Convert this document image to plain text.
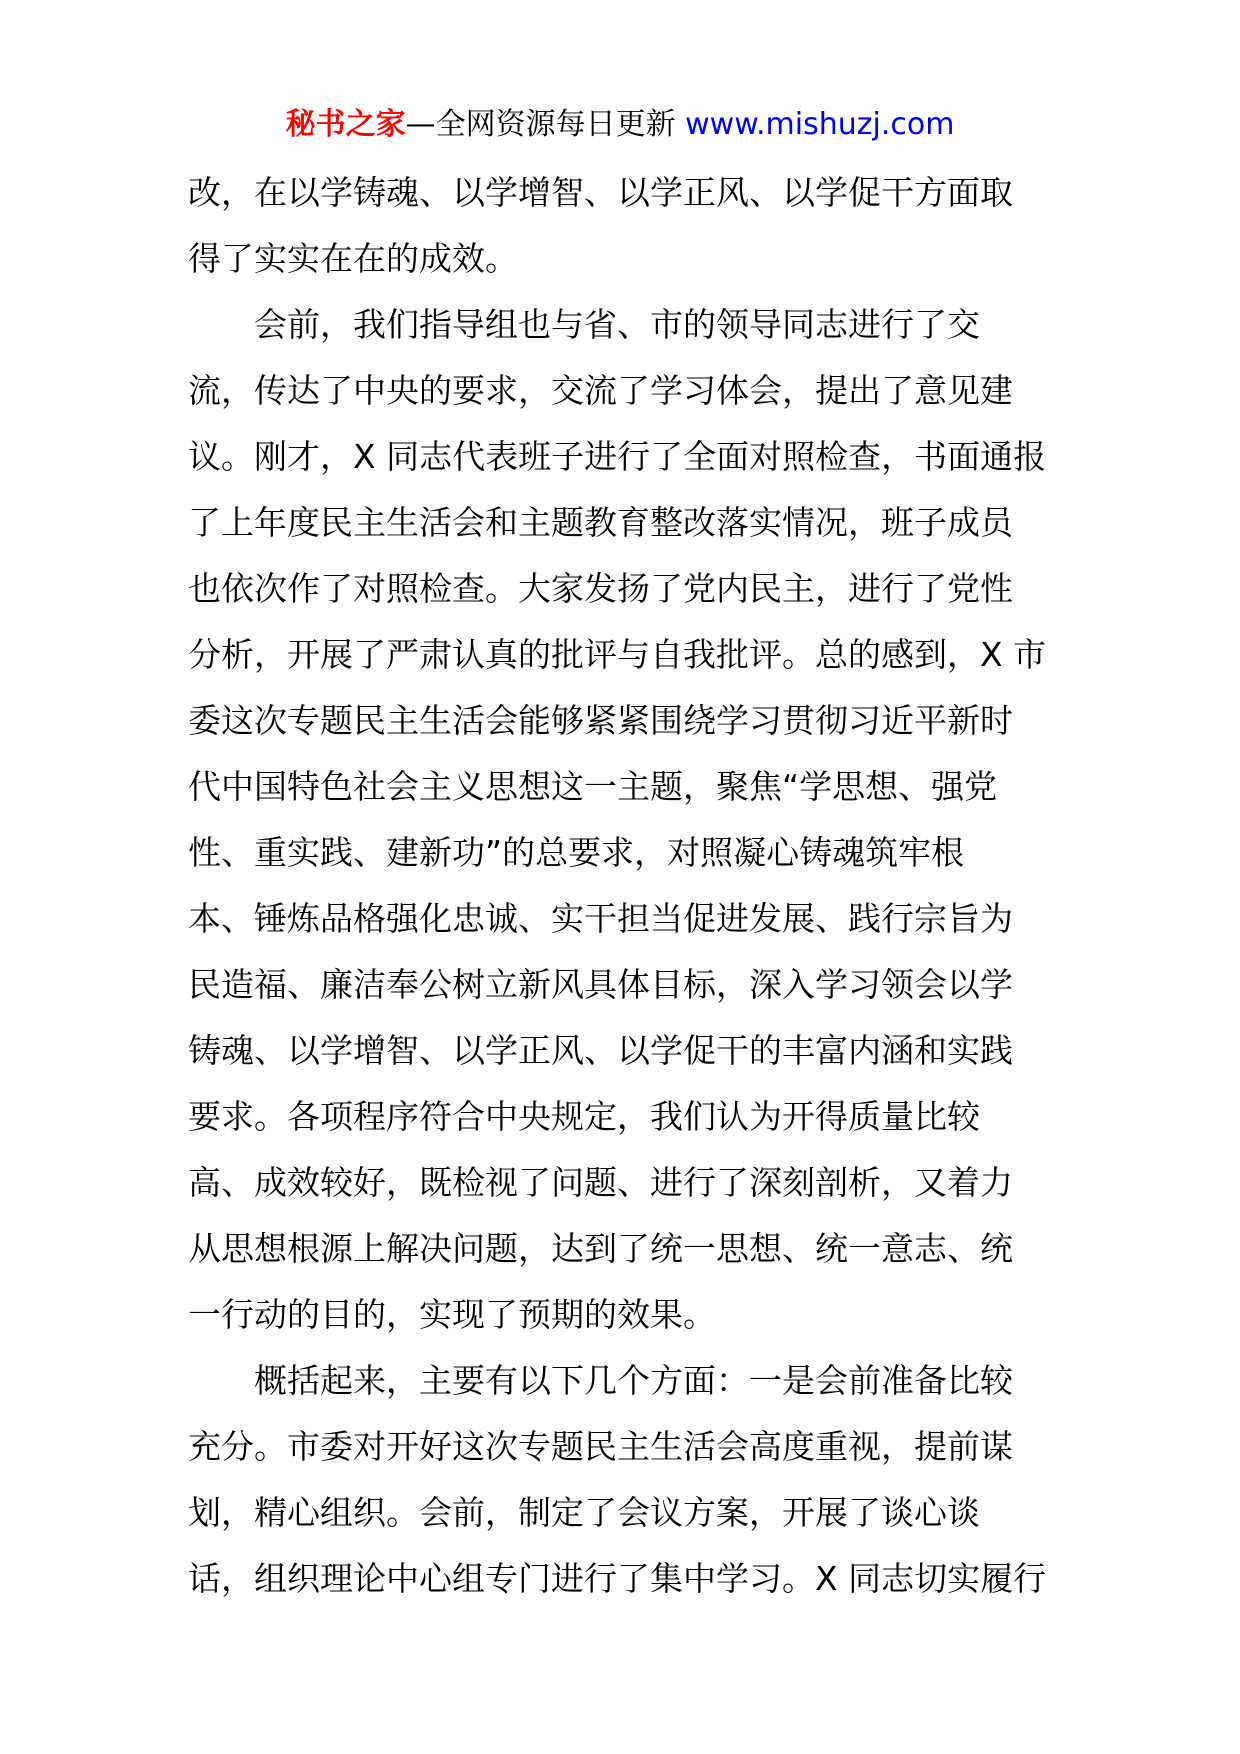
秘书之家—全网资源每日更新 www.mishuzj.com
改，在以学铸魂、以学增智、以学正风、以学促干方面取
得了实实在在的成效。
会前，我们指导组也与省、市的领导同志进行了交
流，传达了中央的要求，交流了学习体会，提出了意见建
议。刚才，X 同志代表班子进行了全面对照检查，书面通报
了上年度民主生活会和主题教育整改落实情况，班子成员
也依次作了对照检查。大家发扬了党内民主，进行了党性
分析，开展了严肃认真的批评与自我批评。总的感到，X 市
委这次专题民主生活会能够紧紧围绕学习贯彻习近平新时
代中国特色社会主义思想这一主题，聚焦“学思想、强党
性、重实践、建新功”的总要求，对照凝心铸魂筑牢根
本、锤炼品格强化忠诚、实干担当促进发展、践行宗旨为
民造福、廉洁奉公树立新风具体目标，深入学习领会以学
铸魂、以学增智、以学正风、以学促干的丰富内涵和实践
要求。各项程序符合中央规定，我们认为开得质量比较
高、成效较好，既检视了问题、进行了深刻剖析，又着力
从思想根源上解决问题，达到了统一思想、统一意志、统
一行动的目的，实现了预期的效果。
概括起来，主要有以下几个方面：一是会前准备比较
充分。市委对开好这次专题民主生活会高度重视，提前谋
划，精心组织。会前，制定了会议方案，开展了谈心谈
话，组织理论中心组专门进行了集中学习。X 同志切实履行
